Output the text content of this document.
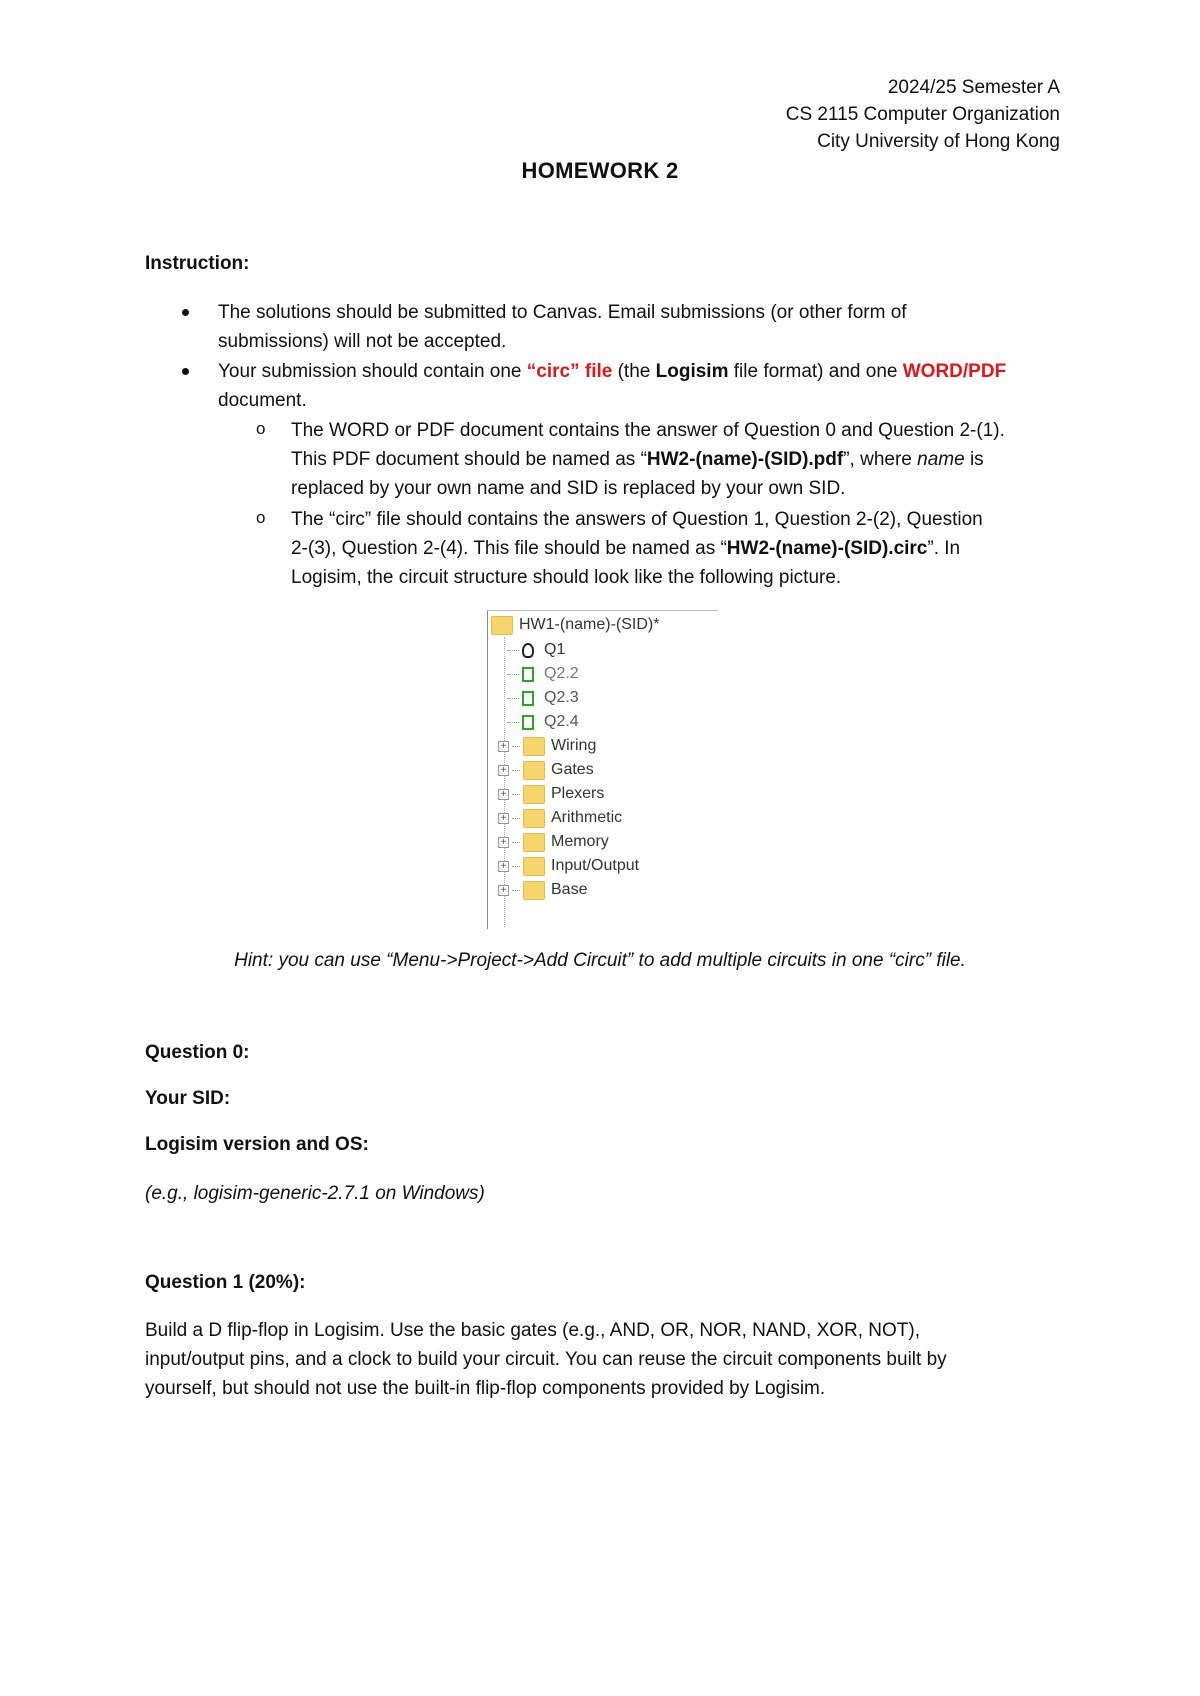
2024/25 Semester A
CS 2115 Computer Organization
City University of Hong Kong
HOMEWORK 2
Instruction:
The solutions should be submitted to Canvas. Email submissions (or other form of
submissions) will not be accepted.
Your submission should contain one “circ” file (the Logisim file format) and one WORD/PDF
document.
o The WORD or PDF document contains the answer of Question 0 and Question 2-(1).
This PDF document should be named as “HW2-(name)-(SID).pdf”, where name is
replaced by your own name and SID is replaced by your own SID.
o The “circ” file should contains the answers of Question 1, Question 2-(2), Question
2-(3), Question 2-(4). This file should be named as “HW2-(name)-(SID).circ”. In
Logisim, the circuit structure should look like the following picture.
HW1-(name)-(SID)*
Q1
Q2.2
Q2.3
Q2.4
+	Wiring
+	Gates
+	Plexers
+	Arithmetic
+	Memory
+	Input/Output
+	Base
Hint: you can use “Menu->Project->Add Circuit” to add multiple circuits in one “circ” file.
Question 0:
Your SID:
Logisim version and OS:
(e.g., logisim-generic-2.7.1 on Windows)
Question 1 (20%):
Build a D flip-flop in Logisim. Use the basic gates (e.g., AND, OR, NOR, NAND, XOR, NOT),
input/output pins, and a clock to build your circuit. You can reuse the circuit components built by
yourself, but should not use the built-in flip-flop components provided by Logisim.
